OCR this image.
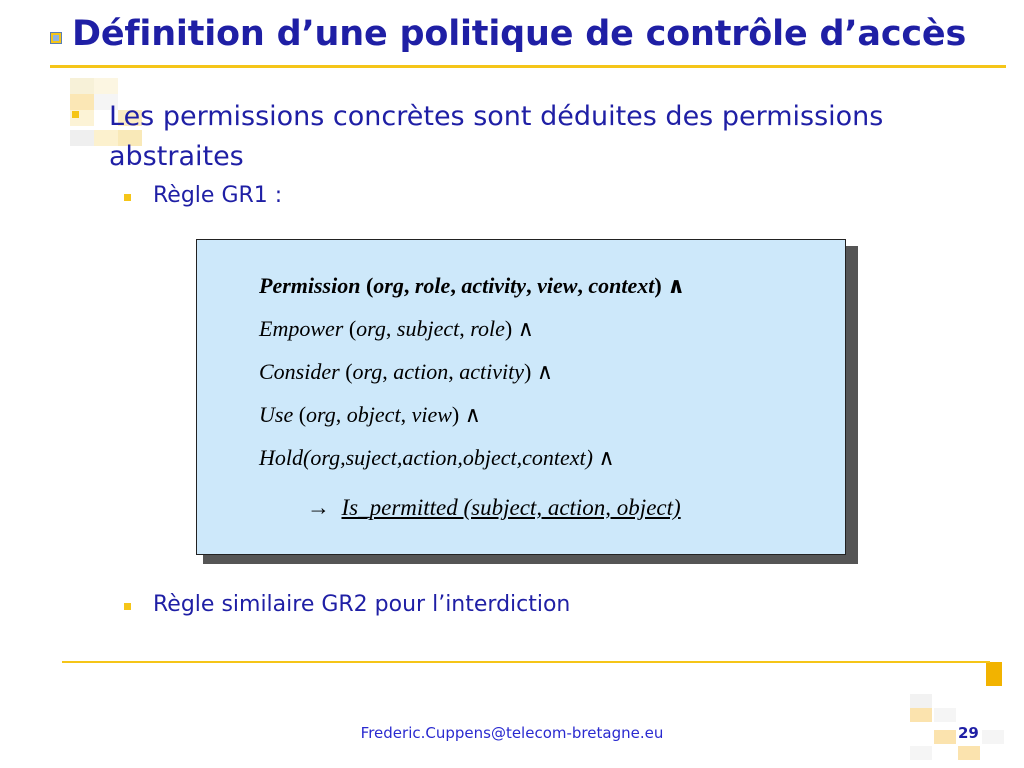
Définition d’une politique de contrôle d’accès
Les permissions concrètes sont déduites des permissions abstraites
Règle GR1 :
Permission (org, role, activity, view, context) ∧
Empower (org, subject, role) ∧
Consider (org, action, activity) ∧
Use (org, object, view) ∧
Hold(org,suject,action,object,context) ∧
→ Is_permitted (subject, action, object)
Règle similaire GR2 pour l’interdiction
Frederic.Cuppens@telecom-bretagne.eu	29
